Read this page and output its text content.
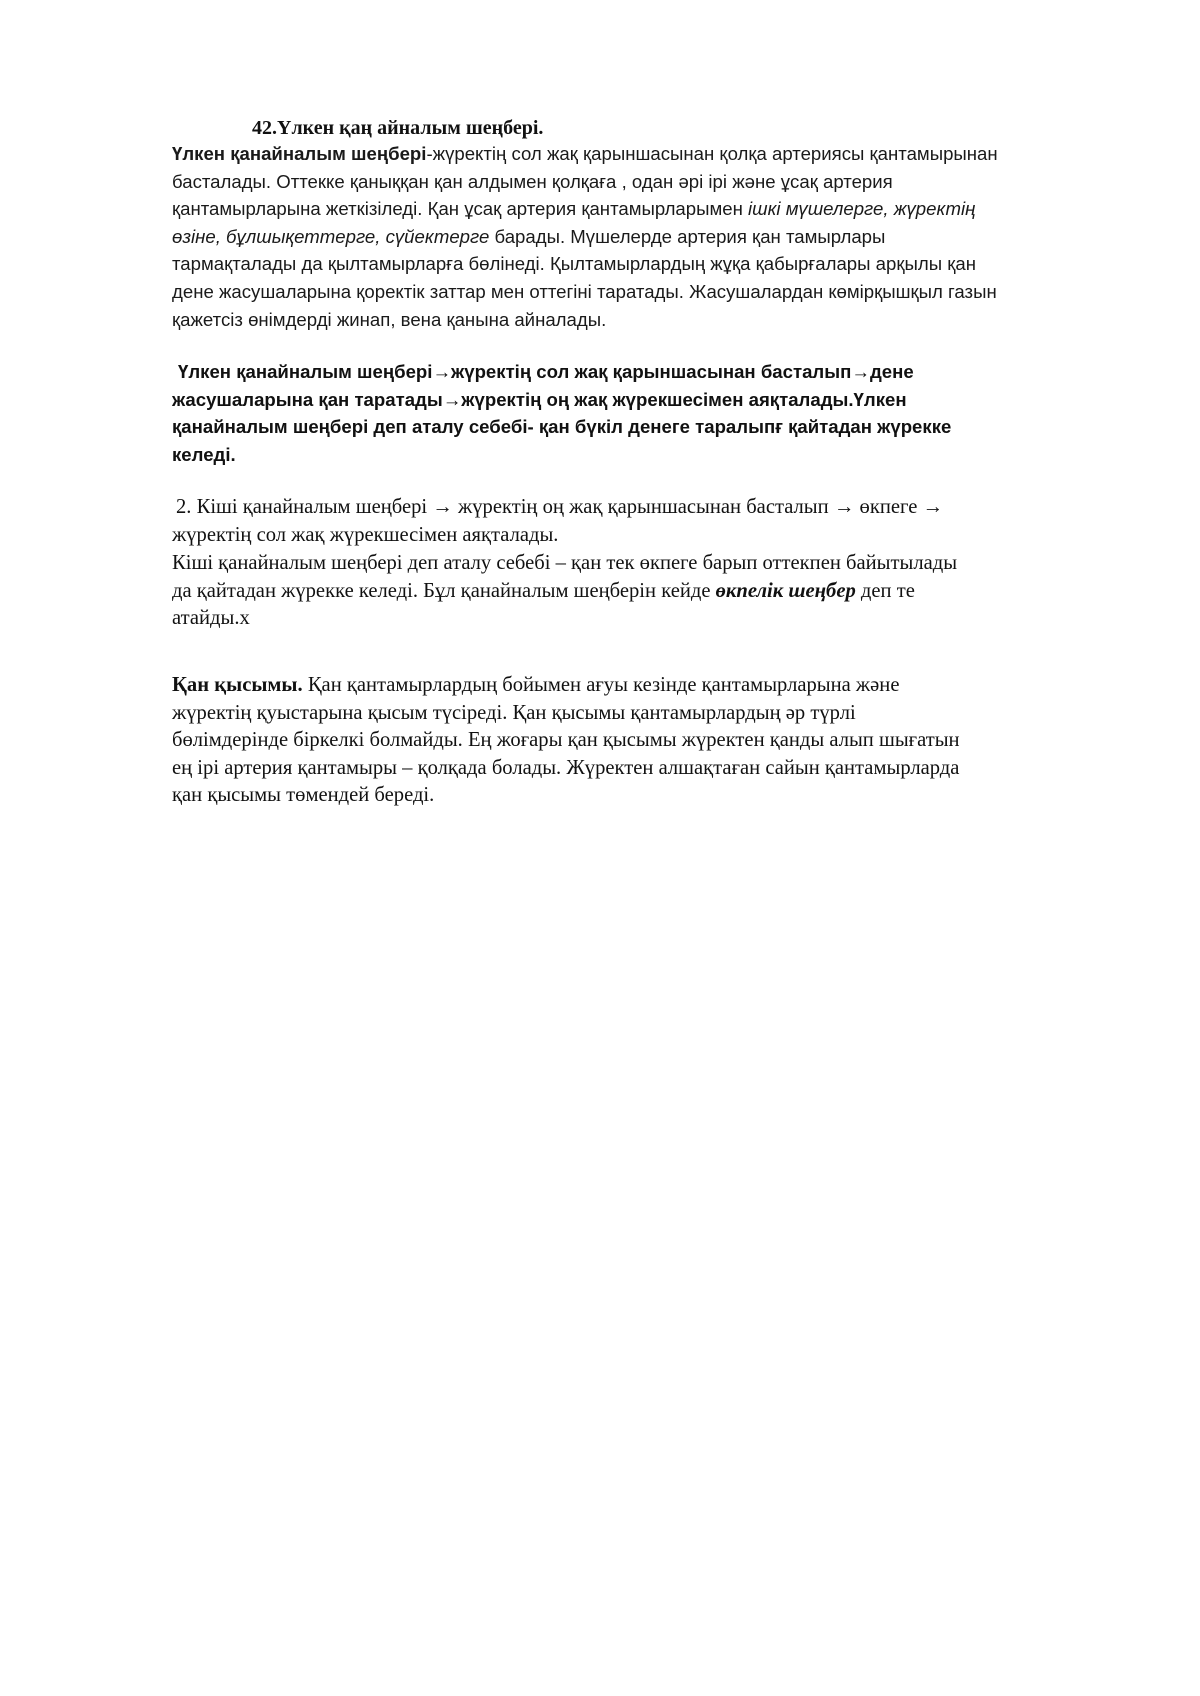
42.Үлкен қаң айналым шеңбері.
Үлкен қанайналым шеңбері-жүректің сол жақ қарыншасынан қолқа артериясы қантамырынан
басталады. Оттекке қаныққан қан алдымен қолқаға , одан әрі ірі және ұсақ артерия
қантамырларына жеткізіледі. Қан ұсақ артерия қантамырларымен ішкі мүшелерге, жүректің
өзіне, бұлшықеттерге, сүйектерге барады. Мүшелерде артерия қан тамырлары
тармақталады да қылтамырларға бөлінеді. Қылтамырлардың жұқа қабырғалары арқылы қан
дене жасушаларына қоректік заттар мен оттегіні таратады. Жасушалардан көмірқышқыл газын
қажетсіз өнімдерді жинап, вена қанына айналады.
Үлкен қанайналым шеңбері→жүректің сол жақ қарыншасынан басталып→дене
жасушаларына қан таратады→жүректің оң жақ жүрекшесімен аяқталады.Үлкен
қанайналым шеңбері деп аталу себебі- қан бүкіл денеге таралыпғ қайтадан жүрекке
келеді.
2. Кіші қанайналым шеңбері → жүректің оң жақ қарыншасынан басталып → өкпеге →
жүректің сол жақ жүрекшесімен аяқталады.
Кіші қанайналым шеңбері деп аталу себебі – қан тек өкпеге барып оттекпен байытылады
да қайтадан жүрекке келеді. Бұл қанайналым шеңберін кейде өкпелік шеңбер деп те
атайды.х
Қан қысымы. Қан қантамырлардың бойымен ағуы кезінде қантамырларына және
жүректің қуыстарына қысым түсіреді. Қан қысымы қантамырлардың әр түрлі
бөлімдерінде біркелкі болмайды. Ең жоғары қан қысымы жүректен қанды алып шығатын
ең ірі артерия қантамыры – қолқада болады. Жүректен алшақтаған сайын қантамырларда
қан қысымы төмендей береді.
